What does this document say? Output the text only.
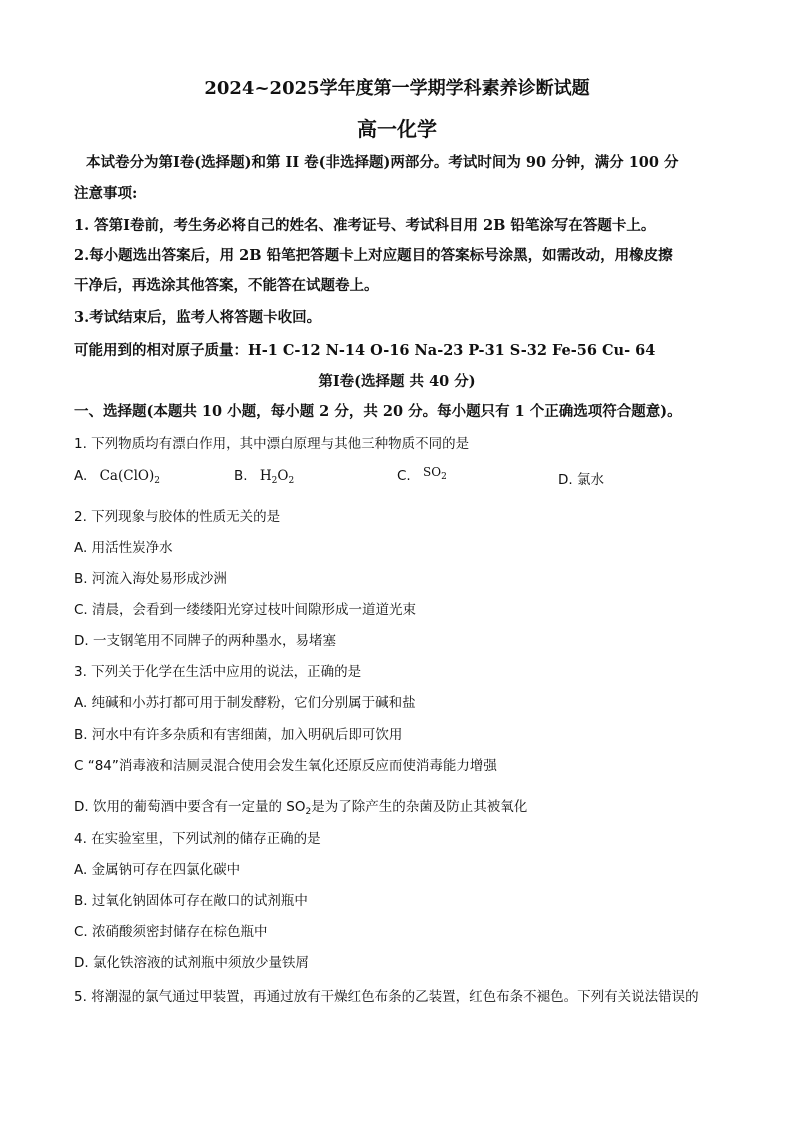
2024~2025学年度第一学期学科素养诊断试题
高一化学
本试卷分为第Ⅰ卷(选择题)和第 II 卷(非选择题)两部分。考试时间为 90 分钟，满分 100 分
注意事项:
1. 答第Ⅰ卷前，考生务必将自己的姓名、准考证号、考试科目用 2B 铅笔涂写在答题卡上。
2.每小题选出答案后，用 2B 铅笔把答题卡上对应题目的答案标号涂黑，如需改动，用橡皮擦
干净后，再选涂其他答案，不能答在试题卷上。
3.考试结束后，监考人将答题卡收回。
可能用到的相对原子质量：H-1 C-12 N-14 O-16 Na-23 P-31 S-32 Fe-56 Cu- 64
第Ⅰ卷(选择题 共 40 分)
一、选择题(本题共 10 小题，每小题 2 分，共 20 分。每小题只有 1 个正确选项符合题意)。
1. 下列物质均有漂白作用，其中漂白原理与其他三种物质不同的是
A. $Ca(ClO)_2$	B. $H_2O_2$	C. $SO_2$	D. 氯水
2. 下列现象与胶体的性质无关的是
A. 用活性炭净水
B. 河流入海处易形成沙洲
C. 清晨，会看到一缕缕阳光穿过枝叶间隙形成一道道光束
D. 一支钢笔用不同牌子的两种墨水，易堵塞
3. 下列关于化学在生活中应用的说法，正确的是
A. 纯碱和小苏打都可用于制发酵粉，它们分别属于碱和盐
B. 河水中有许多杂质和有害细菌，加入明矾后即可饮用
C “84”消毒液和洁厕灵混合使用会发生氧化还原反应而使消毒能力增强
D. 饮用的葡萄酒中要含有一定量的 $SO_2$是为了除产生的杂菌及防止其被氧化
4. 在实验室里，下列试剂的储存正确的是
A. 金属钠可存在四氯化碳中
B. 过氧化钠固体可存在敞口的试剂瓶中
C. 浓硝酸须密封储存在棕色瓶中
D. 氯化铁溶液的试剂瓶中须放少量铁屑
5. 将潮湿的氯气通过甲装置，再通过放有干燥红色布条的乙装置，红色布条不褪色。下列有关说法错误的
